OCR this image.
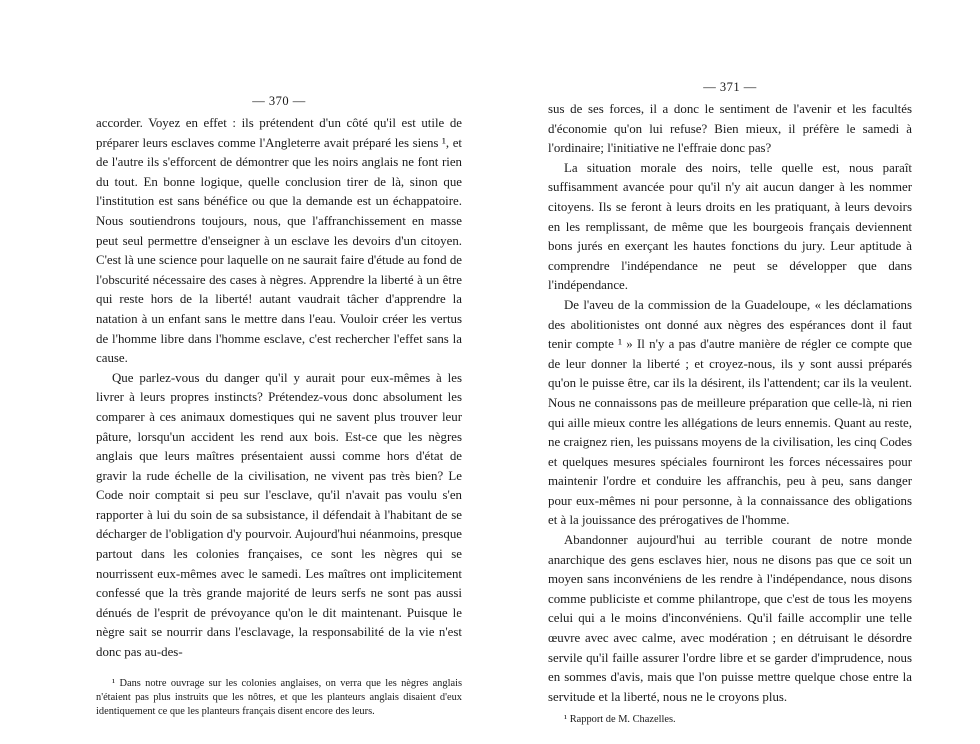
— 370 —

accorder. Voyez en effet : ils prétendent d'un côté qu'il est utile de préparer leurs esclaves comme l'Angleterre avait préparé les siens ¹, et de l'autre ils s'efforcent de démontrer que les noirs anglais ne font rien du tout. En bonne logique, quelle conclusion tirer de là, sinon que l'institution est sans bénéfice ou que la demande est un échappatoire. Nous soutiendrons toujours, nous, que l'affranchissement en masse peut seul permettre d'enseigner à un esclave les devoirs d'un citoyen. C'est là une science pour laquelle on ne saurait faire d'étude au fond de l'obscurité nécessaire des cases à nègres. Apprendre la liberté à un être qui reste hors de la liberté! autant vaudrait tâcher d'apprendre la natation à un enfant sans le mettre dans l'eau. Vouloir créer les vertus de l'homme libre dans l'homme esclave, c'est rechercher l'effet sans la cause.

Que parlez-vous du danger qu'il y aurait pour eux-mêmes à les livrer à leurs propres instincts? Prétendez-vous donc absolument les comparer à ces animaux domestiques qui ne savent plus trouver leur pâture, lorsqu'un accident les rend aux bois. Est-ce que les nègres anglais que leurs maîtres présentaient aussi comme hors d'état de gravir la rude échelle de la civilisation, ne vivent pas très bien? Le Code noir comptait si peu sur l'esclave, qu'il n'avait pas voulu s'en rapporter à lui du soin de sa subsistance, il défendait à l'habitant de se décharger de l'obligation d'y pourvoir. Aujourd'hui néanmoins, presque partout dans les colonies françaises, ce sont les nègres qui se nourrissent eux-mêmes avec le samedi. Les maîtres ont implicitement confessé que la très grande majorité de leurs serfs ne sont pas aussi dénués de l'esprit de prévoyance qu'on le dit maintenant. Puisque le nègre sait se nourrir dans l'esclavage, la responsabilité de la vie n'est donc pas au-des-

¹ Dans notre ouvrage sur les colonies anglaises, on verra que les nègres anglais n'étaient pas plus instruits que les nôtres, et que les planteurs anglais disaient d'eux identiquement ce que les planteurs français disent encore des leurs.

— 371 —

sus de ses forces, il a donc le sentiment de l'avenir et les facultés d'économie qu'on lui refuse? Bien mieux, il préfère le samedi à l'ordinaire; l'initiative ne l'effraie donc pas?

La situation morale des noirs, telle quelle est, nous paraît suffisamment avancée pour qu'il n'y ait aucun danger à les nommer citoyens. Ils se feront à leurs droits en les pratiquant, à leurs devoirs en les remplissant, de même que les bourgeois français deviennent bons jurés en exerçant les hautes fonctions du jury. Leur aptitude à comprendre l'indépendance ne peut se développer que dans l'indépendance.

De l'aveu de la commission de la Guadeloupe, « les déclamations des abolitionistes ont donné aux nègres des espérances dont il faut tenir compte ¹ » Il n'y a pas d'autre manière de régler ce compte que de leur donner la liberté ; et croyez-nous, ils y sont aussi préparés qu'on le puisse être, car ils la désirent, ils l'attendent; car ils la veulent. Nous ne connaissons pas de meilleure préparation que celle-là, ni rien qui aille mieux contre les allégations de leurs ennemis. Quant au reste, ne craignez rien, les puissans moyens de la civilisation, les cinq Codes et quelques mesures spéciales fourniront les forces nécessaires pour maintenir l'ordre et conduire les affranchis, peu à peu, sans danger pour eux-mêmes ni pour personne, à la connaissance des obligations et à la jouissance des prérogatives de l'homme.

Abandonner aujourd'hui au terrible courant de notre monde anarchique des gens esclaves hier, nous ne disons pas que ce soit un moyen sans inconvéniens de les rendre à l'indépendance, nous disons comme publiciste et comme philantrope, que c'est de tous les moyens celui qui a le moins d'inconvéniens. Qu'il faille accomplir une telle œuvre avec avec calme, avec modération ; en détruisant le désordre servile qu'il faille assurer l'ordre libre et se garder d'imprudence, nous en sommes d'avis, mais que l'on puisse mettre quelque chose entre la servitude et la liberté, nous ne le croyons plus.

¹ Rapport de M. Chazelles.
